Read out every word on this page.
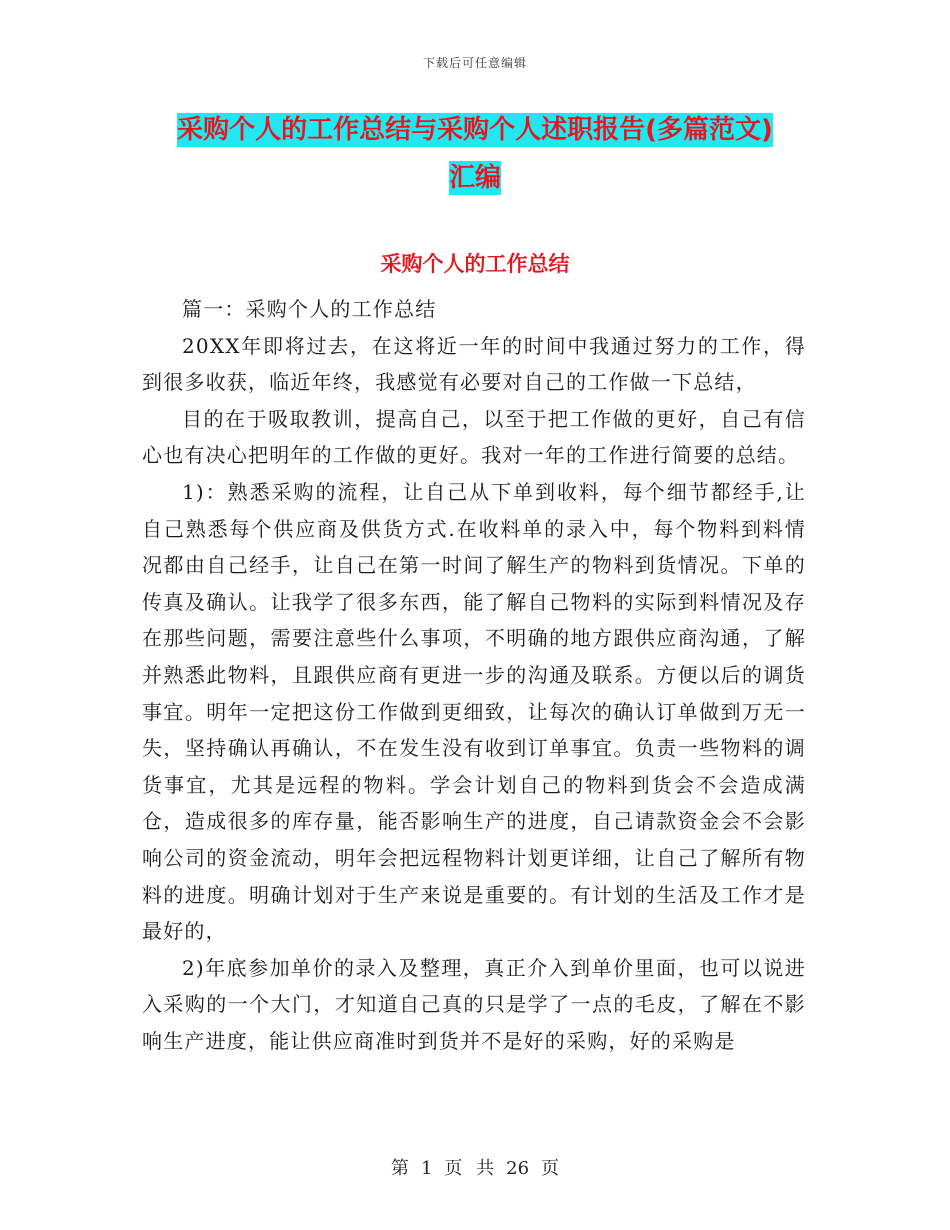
下载后可任意编辑
采购个人的工作总结与采购个人述职报告(多篇范文)
汇编
采购个人的工作总结

篇一：采购个人的工作总结

20XX年即将过去，在这将近一年的时间中我通过努力的工作，得到很多收获，临近年终，我感觉有必要对自己的工作做一下总结，

目的在于吸取教训，提高自己，以至于把工作做的更好，自己有信心也有决心把明年的工作做的更好。我对一年的工作进行简要的总结。

1)：熟悉采购的流程，让自己从下单到收料，每个细节都经手,让自己熟悉每个供应商及供货方式.在收料单的录入中，每个物料到料情况都由自己经手，让自己在第一时间了解生产的物料到货情况。下单的传真及确认。让我学了很多东西，能了解自己物料的实际到料情况及存在那些问题，需要注意些什么事项，不明确的地方跟供应商沟通，了解并熟悉此物料，且跟供应商有更进一步的沟通及联系。方便以后的调货事宜。明年一定把这份工作做到更细致，让每次的确认订单做到万无一失，坚持确认再确认，不在发生没有收到订单事宜。负责一些物料的调货事宜，尤其是远程的物料。学会计划自己的物料到货会不会造成满仓，造成很多的库存量，能否影响生产的进度，自己请款资金会不会影响公司的资金流动，明年会把远程物料计划更详细，让自己了解所有物料的进度。明确计划对于生产来说是重要的。有计划的生活及工作才是最好的，

2)年底参加单价的录入及整理，真正介入到单价里面，也可以说进入采购的一个大门，才知道自己真的只是学了一点的毛皮，了解在不影响生产进度，能让供应商准时到货并不是好的采购，好的采购是

第 1 页 共 26 页
